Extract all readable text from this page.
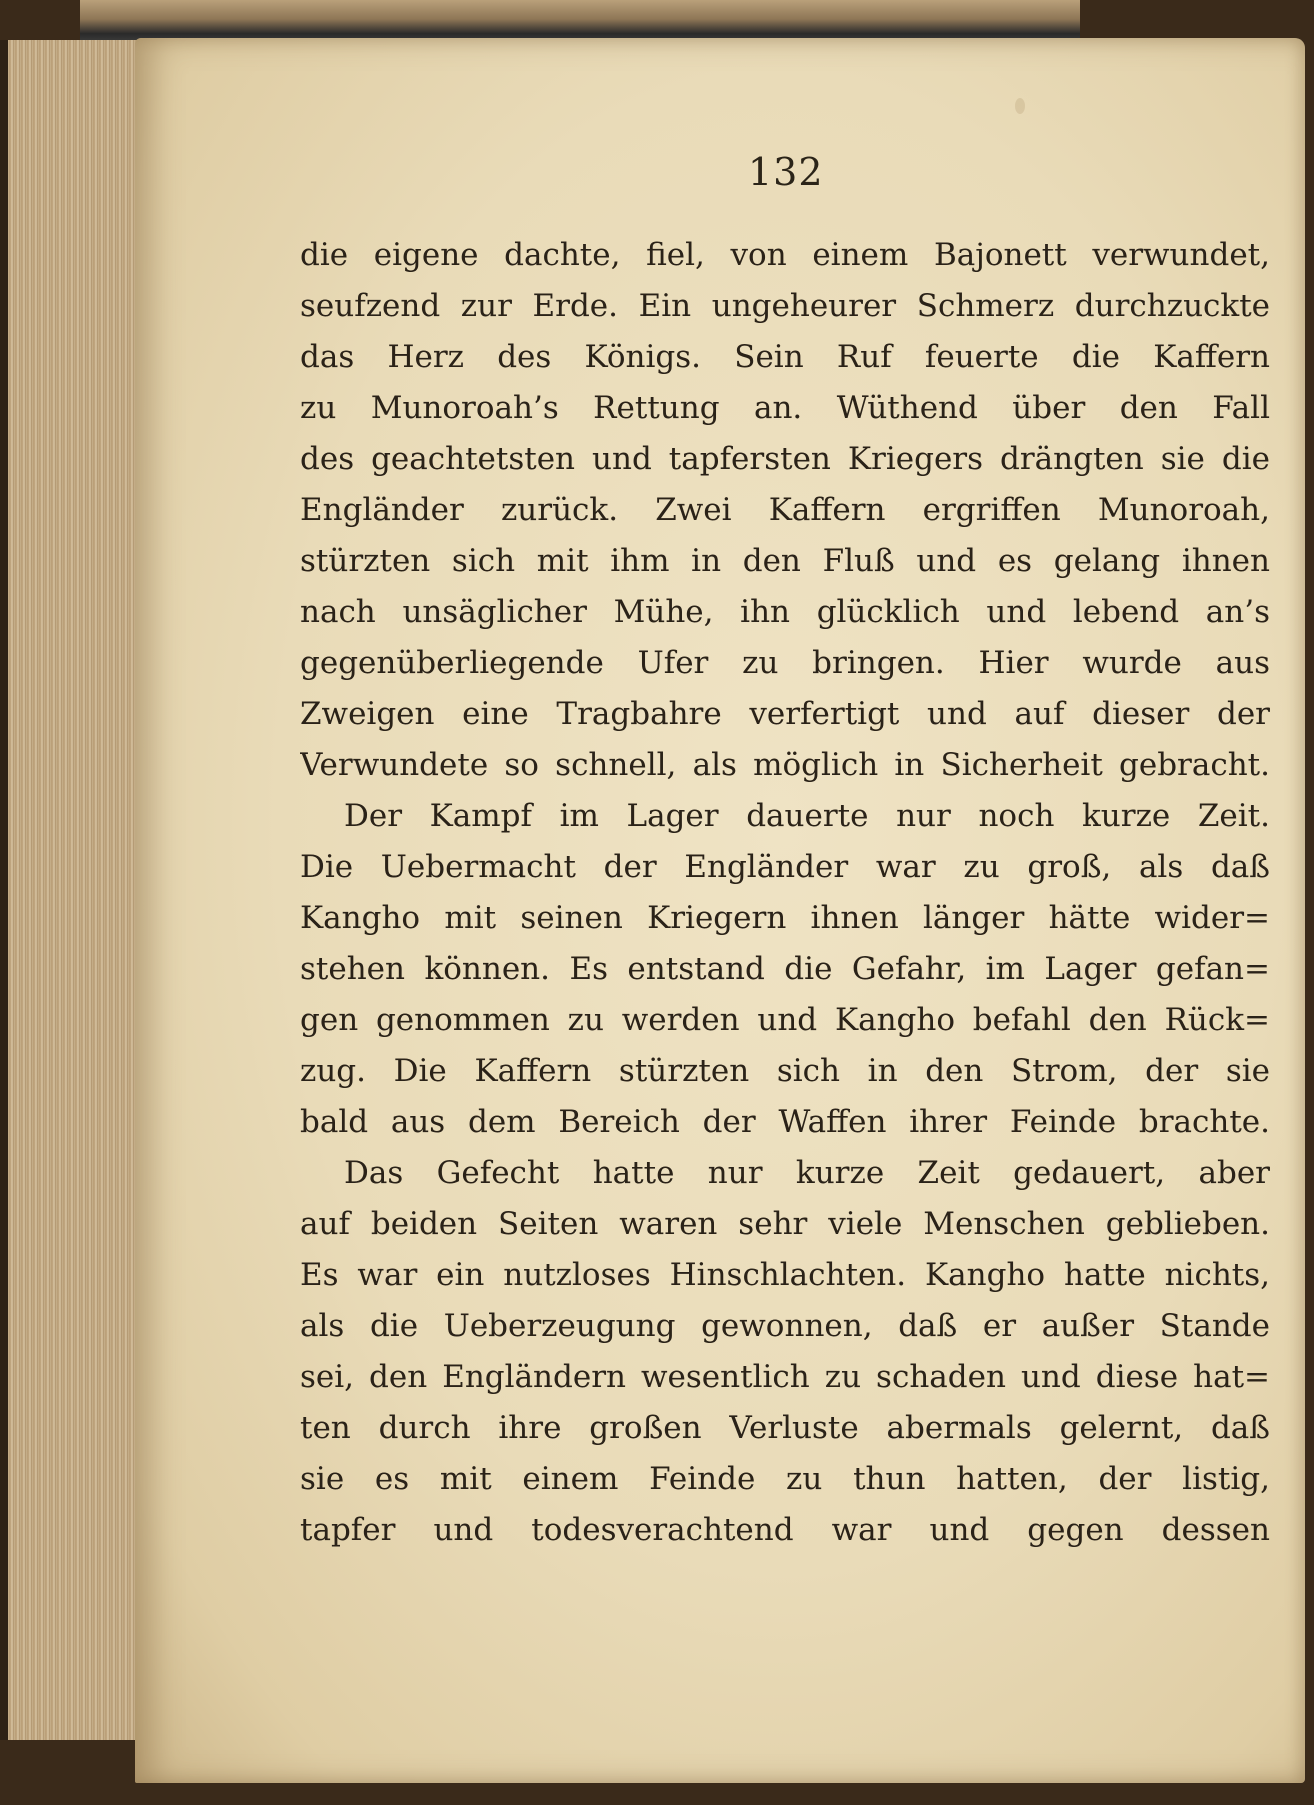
132
die eigene dachte, fiel, von einem Bajonett verwundet,
seufzend zur Erde. Ein ungeheurer Schmerz durchzuckte
das Herz des Königs. Sein Ruf feuerte die Kaffern
zu Munoroah’s Rettung an. Wüthend über den Fall
des geachtetsten und tapfersten Kriegers drängten sie die
Engländer zurück. Zwei Kaffern ergriffen Munoroah,
stürzten sich mit ihm in den Fluß und es gelang ihnen
nach unsäglicher Mühe, ihn glücklich und lebend an’s
gegenüberliegende Ufer zu bringen. Hier wurde aus
Zweigen eine Tragbahre verfertigt und auf dieser der
Verwundete so schnell, als möglich in Sicherheit gebracht.
Der Kampf im Lager dauerte nur noch kurze Zeit.
Die Uebermacht der Engländer war zu groß, als daß
Kangho mit seinen Kriegern ihnen länger hätte wider=
stehen können. Es entstand die Gefahr, im Lager gefan=
gen genommen zu werden und Kangho befahl den Rück=
zug. Die Kaffern stürzten sich in den Strom, der sie
bald aus dem Bereich der Waffen ihrer Feinde brachte.
Das Gefecht hatte nur kurze Zeit gedauert, aber
auf beiden Seiten waren sehr viele Menschen geblieben.
Es war ein nutzloses Hinschlachten. Kangho hatte nichts,
als die Ueberzeugung gewonnen, daß er außer Stande
sei, den Engländern wesentlich zu schaden und diese hat=
ten durch ihre großen Verluste abermals gelernt, daß
sie es mit einem Feinde zu thun hatten, der listig,
tapfer und todesverachtend war und gegen dessen
